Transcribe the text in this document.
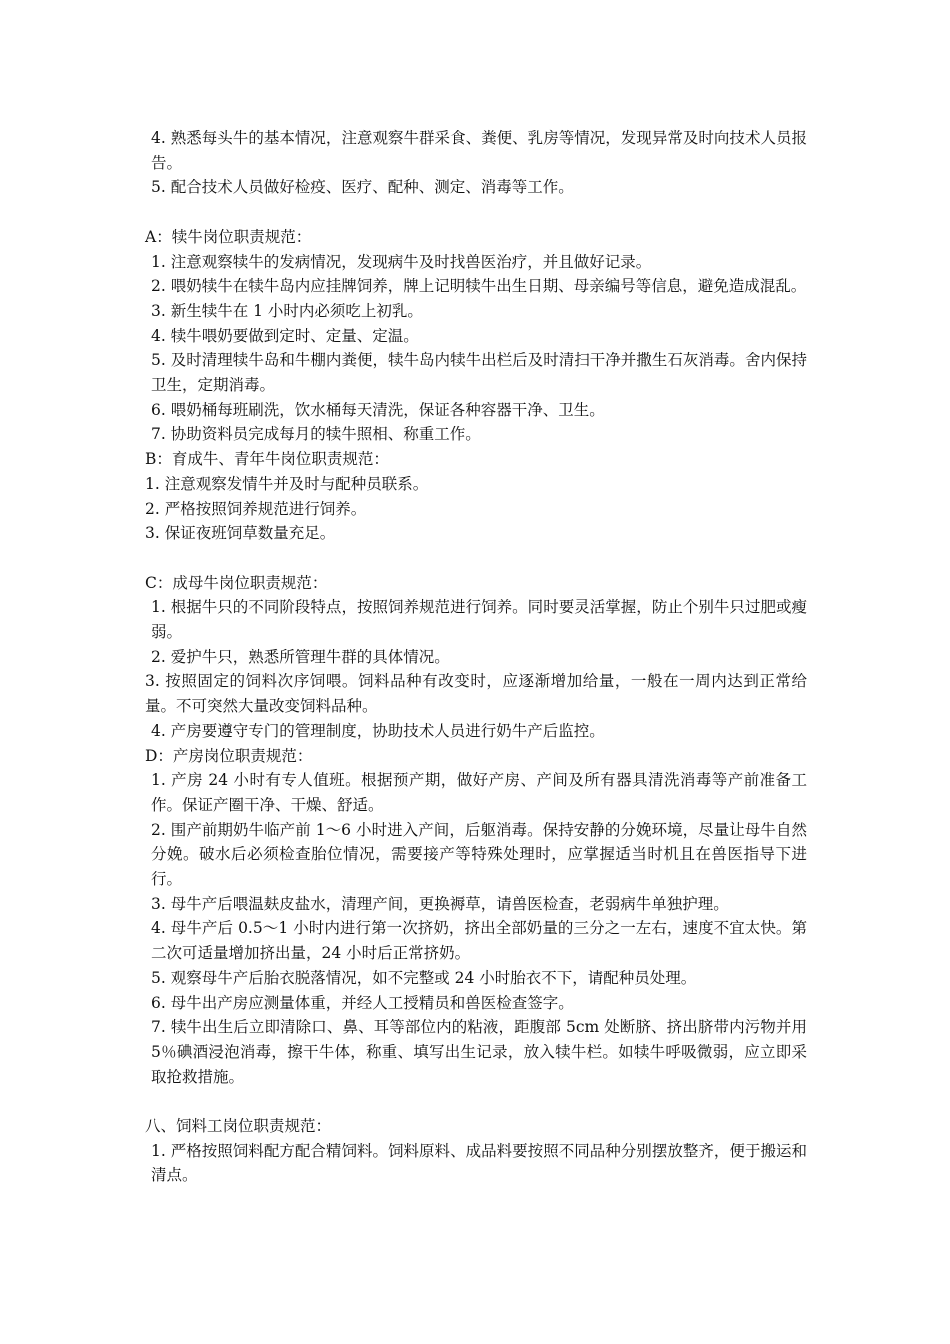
4. 熟悉每头牛的基本情况，注意观察牛群采食、粪便、乳房等情况，发现异常及时向技术人员报告。

5. 配合技术人员做好检疫、医疗、配种、测定、消毒等工作。

A：犊牛岗位职责规范：

1. 注意观察犊牛的发病情况，发现病牛及时找兽医治疗，并且做好记录。

2. 喂奶犊牛在犊牛岛内应挂牌饲养，牌上记明犊牛出生日期、母亲编号等信息，避免造成混乱。

3. 新生犊牛在 1 小时内必须吃上初乳。

4. 犊牛喂奶要做到定时、定量、定温。

5. 及时清理犊牛岛和牛棚内粪便，犊牛岛内犊牛出栏后及时清扫干净并撒生石灰消毒。舍内保持卫生，定期消毒。

6. 喂奶桶每班刷洗，饮水桶每天清洗，保证各种容器干净、卫生。

7. 协助资料员完成每月的犊牛照相、称重工作。

B：育成牛、青年牛岗位职责规范：

1. 注意观察发情牛并及时与配种员联系。

2. 严格按照饲养规范进行饲养。

3. 保证夜班饲草数量充足。

C：成母牛岗位职责规范：

1. 根据牛只的不同阶段特点，按照饲养规范进行饲养。同时要灵活掌握，防止个别牛只过肥或瘦弱。

2. 爱护牛只，熟悉所管理牛群的具体情况。

3. 按照固定的饲料次序饲喂。饲料品种有改变时，应逐渐增加给量，一般在一周内达到正常给量。不可突然大量改变饲料品种。

4. 产房要遵守专门的管理制度，协助技术人员进行奶牛产后监控。

D：产房岗位职责规范：

1. 产房 24 小时有专人值班。根据预产期，做好产房、产间及所有器具清洗消毒等产前准备工作。保证产圈干净、干燥、舒适。

2. 围产前期奶牛临产前 1～6 小时进入产间，后躯消毒。保持安静的分娩环境，尽量让母牛自然分娩。破水后必须检查胎位情况，需要接产等特殊处理时，应掌握适当时机且在兽医指导下进行。

3. 母牛产后喂温麸皮盐水，清理产间，更换褥草，请兽医检查，老弱病牛单独护理。

4. 母牛产后 0.5～1 小时内进行第一次挤奶，挤出全部奶量的三分之一左右，速度不宜太快。第二次可适量增加挤出量，24 小时后正常挤奶。

5. 观察母牛产后胎衣脱落情况，如不完整或 24 小时胎衣不下，请配种员处理。

6. 母牛出产房应测量体重，并经人工授精员和兽医检查签字。

7. 犊牛出生后立即清除口、鼻、耳等部位内的粘液，距腹部 5cm 处断脐、挤出脐带内污物并用 5％碘酒浸泡消毒，擦干牛体，称重、填写出生记录，放入犊牛栏。如犊牛呼吸微弱，应立即采取抢救措施。

八、饲料工岗位职责规范：

1. 严格按照饲料配方配合精饲料。饲料原料、成品料要按照不同品种分别摆放整齐，便于搬运和清点。
